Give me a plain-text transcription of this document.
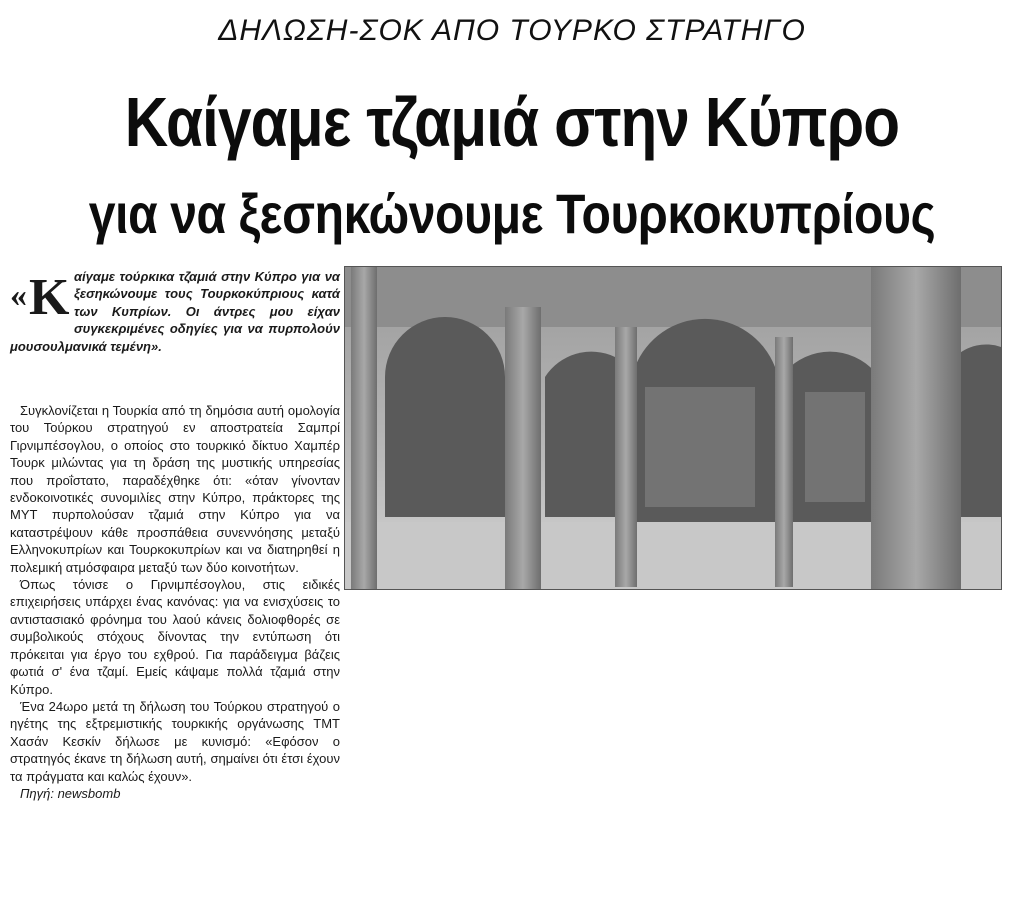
ΔΗΛΩΣΗ-ΣΟΚ ΑΠΟ ΤΟΥΡΚΟ ΣΤΡΑΤΗΓΟ
Καίγαμε τζαμιά στην Κύπρο
για να ξεσηκώνουμε Τουρκοκυπρίους
«Κ αίγαμε τούρκικα τζαμιά στην Κύπρο για να ξεσηκώνουμε τους Τουρκοκύπριους κατά των Κυπρίων. Οι άντρες μου είχαν συγκεκριμένες οδηγίες για να πυρπολούν μουσουλμανικά τεμένη».

Συγκλονίζεται η Τουρκία από τη δημόσια αυτή ομολογία του Τούρκου στρατηγού εν αποστρατεία Σαμπρί Γιρνιμπέσογλου, ο οποίος στο τουρκικό δίκτυο Χαμπέρ Τουρκ μιλώντας για τη δράση της μυστικής υπηρεσίας που προΐστατο, παραδέχθηκε ότι: «όταν γίνονταν ενδοκοινοτικές συνομιλίες στην Κύπρο, πράκτορες της ΜΥΤ πυρπολούσαν τζαμιά στην Κύπρο για να καταστρέψουν κάθε προσπάθεια συνεννόησης μεταξύ Ελληνοκυπρίων και Τουρκοκυπρίων και να διατηρηθεί η πολεμική ατμόσφαιρα μεταξύ των δύο κοινοτήτων.

Όπως τόνισε ο Γιρνιμπέσογλου, στις ειδικές επιχειρήσεις υπάρχει ένας κανόνας: για να ενισχύσεις το αντιστασιακό φρόνημα του λαού κάνεις δολιοφθορές σε συμβολικούς στόχους δίνοντας την εντύπωση ότι πρόκειται για έργο του εχθρού. Για παράδειγμα βάζεις φωτιά σ' ένα τζαμί. Εμείς κάψαμε πολλά τζαμιά στην Κύπρο.

Ένα 24ωρο μετά τη δήλωση του Τούρκου στρατηγού ο ηγέτης της εξτρεμιστικής τουρκικής οργάνωσης ΤΜΤ Χασάν Κεσκίν δήλωσε με κυνισμό: «Εφόσον ο στρατηγός έκανε τη δήλωση αυτή, σημαίνει ότι έτσι έχουν τα πράγματα και καλώς έχουν».

Πηγή: newsbomb
